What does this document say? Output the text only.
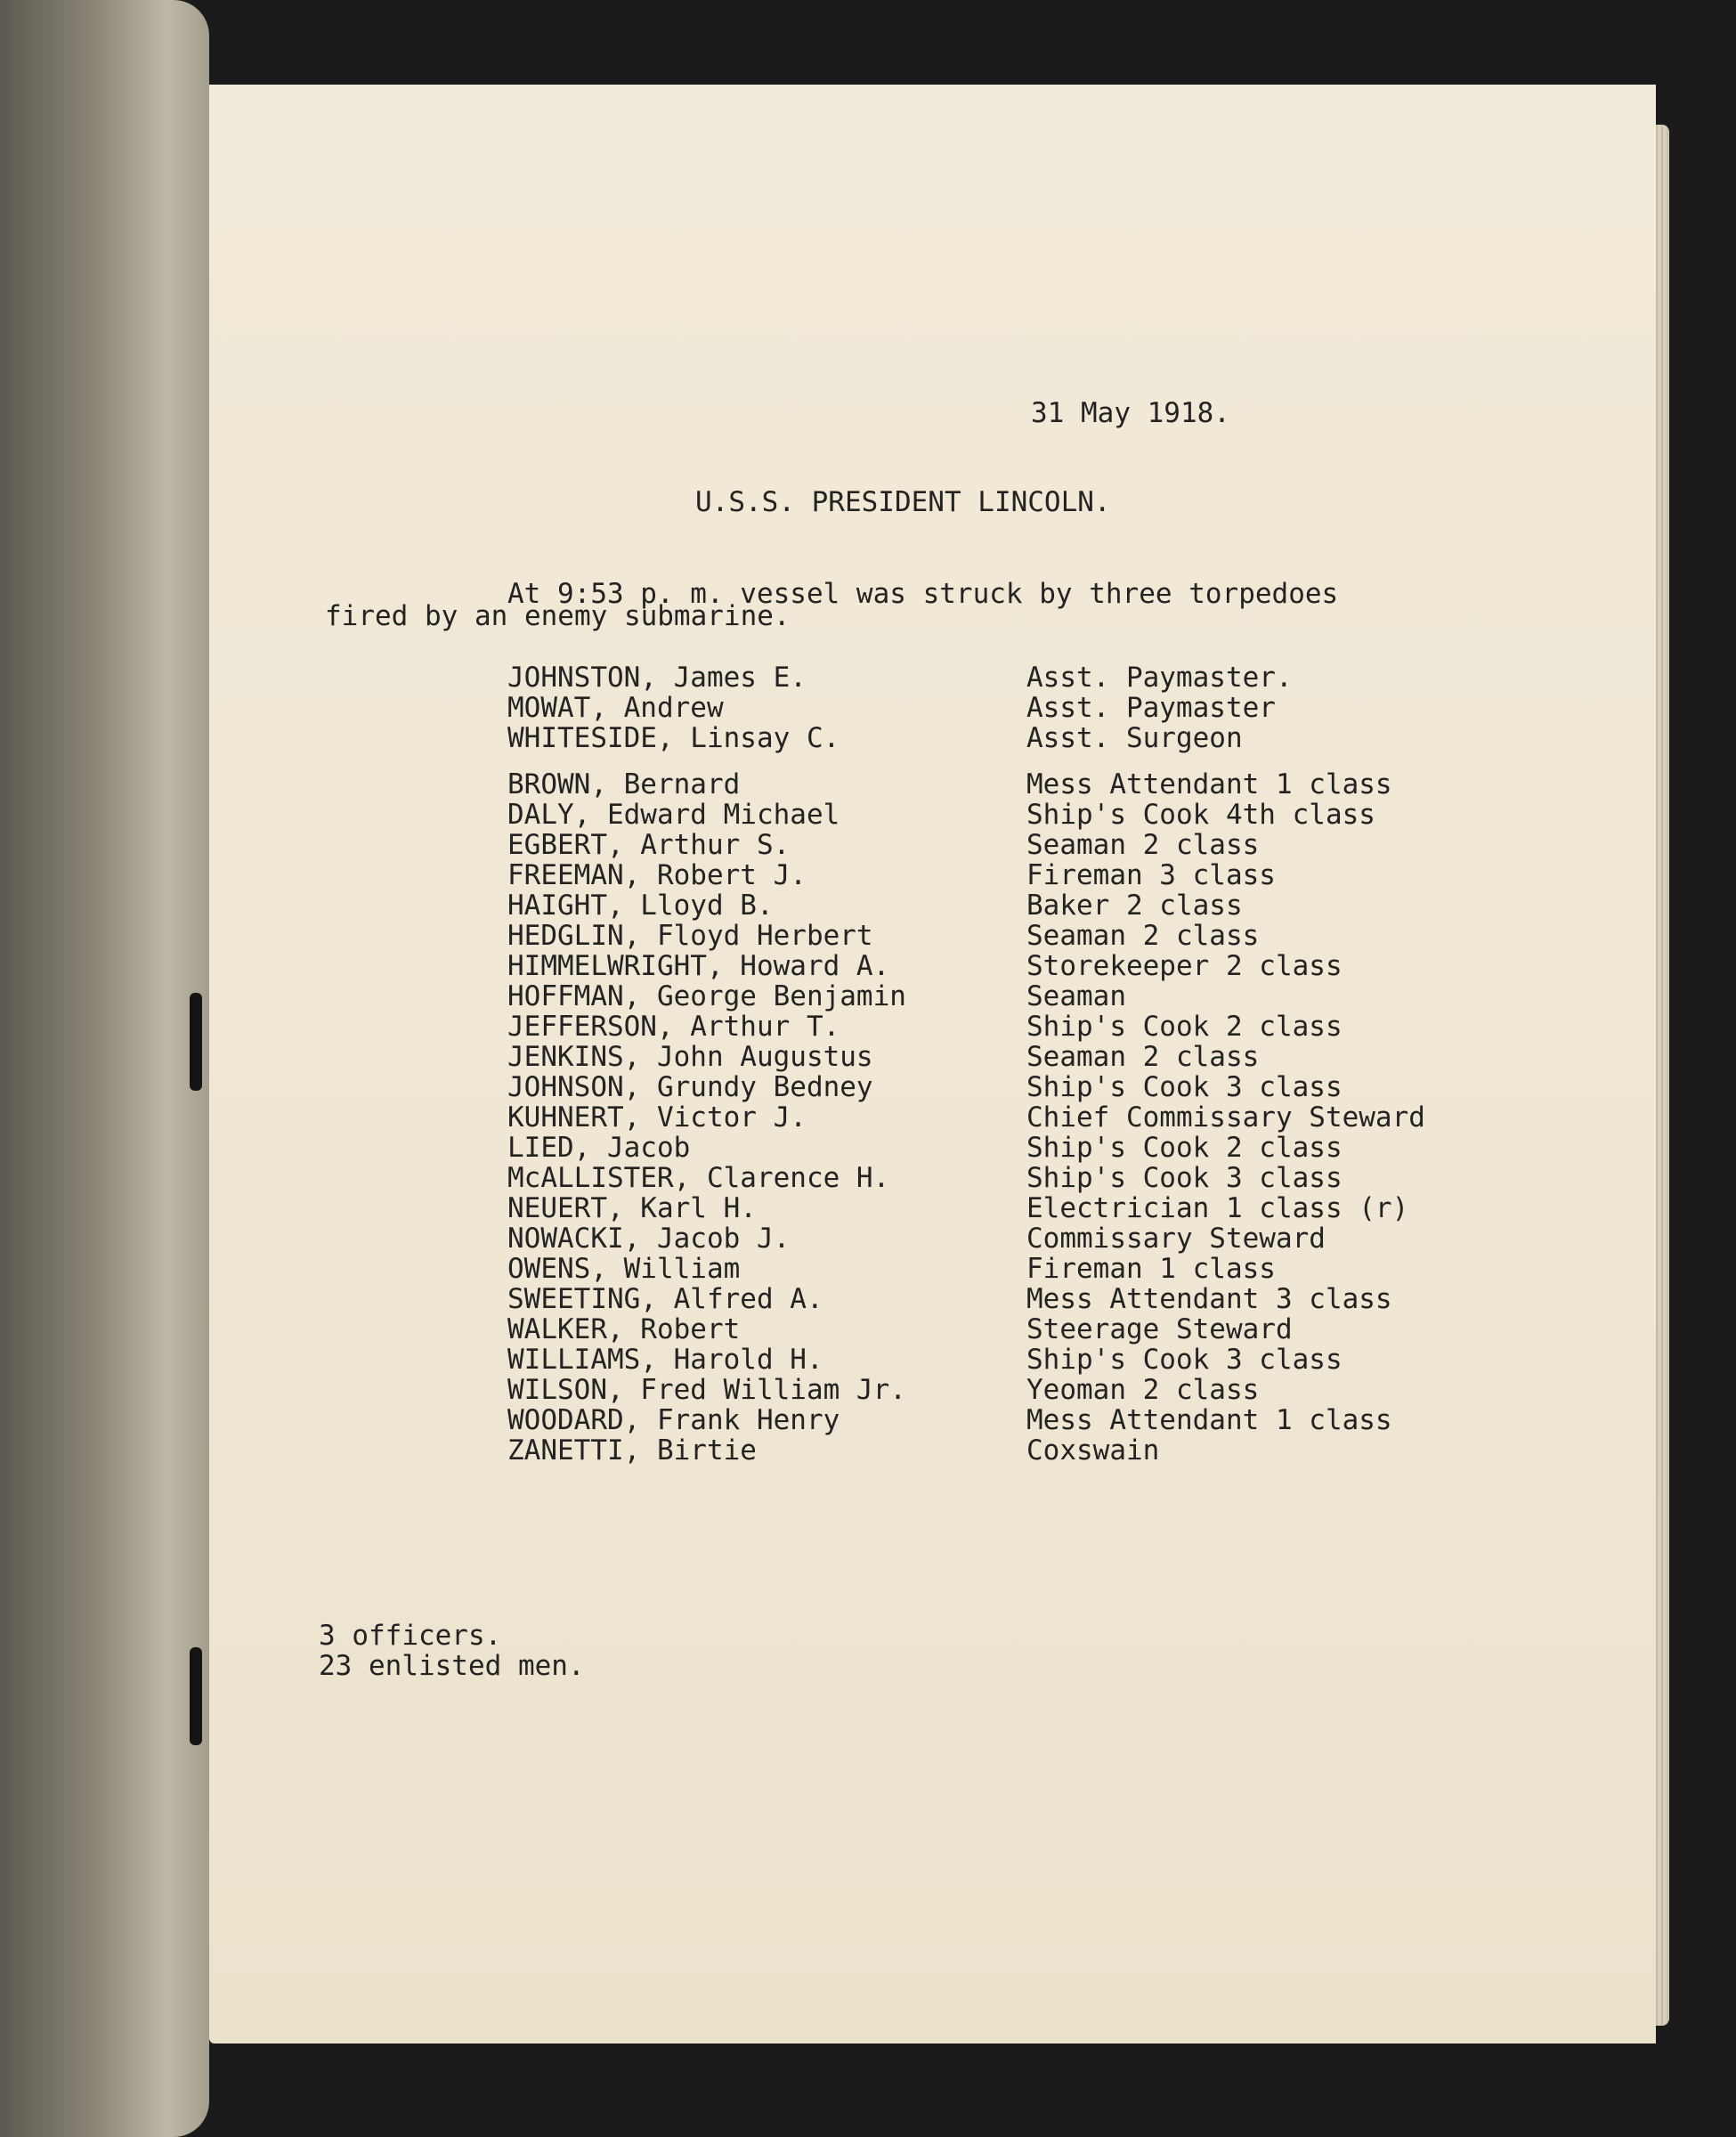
31 May 1918.
U.S.S. PRESIDENT LINCOLN.
At 9:53 p. m. vessel was struck by three torpedoes
fired by an enemy submarine.
JOHNSTON, James E.	Asst. Paymaster.
MOWAT, Andrew	Asst. Paymaster
WHITESIDE, Linsay C.	Asst. Surgeon
BROWN, Bernard	Mess Attendant 1 class
DALY, Edward Michael	Ship's Cook 4th class
EGBERT, Arthur S.	Seaman 2 class
FREEMAN, Robert J.	Fireman 3 class
HAIGHT, Lloyd B.	Baker 2 class
HEDGLIN, Floyd Herbert	Seaman 2 class
HIMMELWRIGHT, Howard A.	Storekeeper 2 class
HOFFMAN, George Benjamin	Seaman
JEFFERSON, Arthur T.	Ship's Cook 2 class
JENKINS, John Augustus	Seaman 2 class
JOHNSON, Grundy Bedney	Ship's Cook 3 class
KUHNERT, Victor J.	Chief Commissary Steward
LIED, Jacob	Ship's Cook 2 class
McALLISTER, Clarence H.	Ship's Cook 3 class
NEUERT, Karl H.	Electrician 1 class (r)
NOWACKI, Jacob J.	Commissary Steward
OWENS, William	Fireman 1 class
SWEETING, Alfred A.	Mess Attendant 3 class
WALKER, Robert	Steerage Steward
WILLIAMS, Harold H.	Ship's Cook 3 class
WILSON, Fred William Jr.	Yeoman 2 class
WOODARD, Frank Henry	Mess Attendant 1 class
ZANETTI, Birtie	Coxswain
3 officers.
23 enlisted men.
